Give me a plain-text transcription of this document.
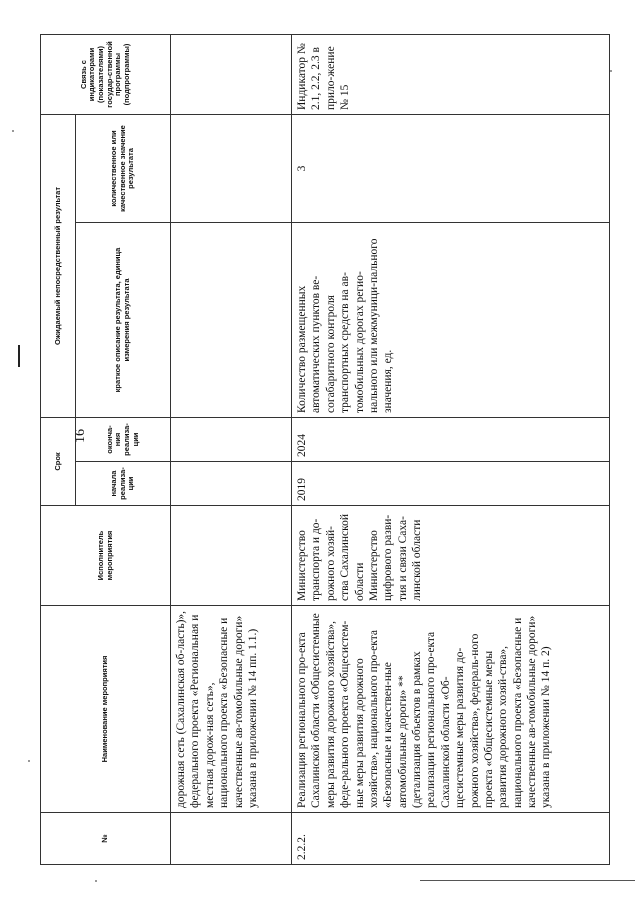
16
№	Наименование мероприятия	Исполнитель мероприятия	Срок		Ожидаемый непосредственный результат		Связь с индикаторами (показателями) государ-ственной программы (подпрограммы)
			начала реализа-ции	оконча-ния реализа-ции	краткое описание результата, единица измерения результата	количественное или качественное значение результата	
	дорожная сеть (Сахалинская об-ласть)», федерального проекта «Региональная и местная дорож-ная сеть», национального проекта «Безопасные и качественные ав-томобильные дороги» указана в приложении № 14 пп. 1.1.)						
2.2.2.	Реализация регионального про-екта Сахалинской области «Общесистемные меры развития дорожного хозяйства», феде-рального проекта «Общесистем-ные меры развития дорожного хозяйства», национального про-екта «Безопасные и качествен-ные автомобильные дороги» ** (детализация объектов в рамках реализации регионального про-екта Сахалинской области «Об-щесистемные меры развития до-рожного хозяйства», федераль-ного проекта «Общесистемные меры развития дорожного хозяй-ства», национального проекта «Безопасные и качественные ав-томобильные дороги» указана в приложении № 14 п. 2)	Министерство транспорта и до-рожного хозяй-ства Сахалинской области Министерство цифрового разви-тия и связи Саха-линской области	2019	2024	Количество размещенных автоматических пунктов ве-согабаритного контроля транспортных средств на ав-томобильных дорогах регио-нального или межмуници-пального значения, ед.	3	Индикатор № 2.1, 2.2, 2.3 в прило-жение № 15
